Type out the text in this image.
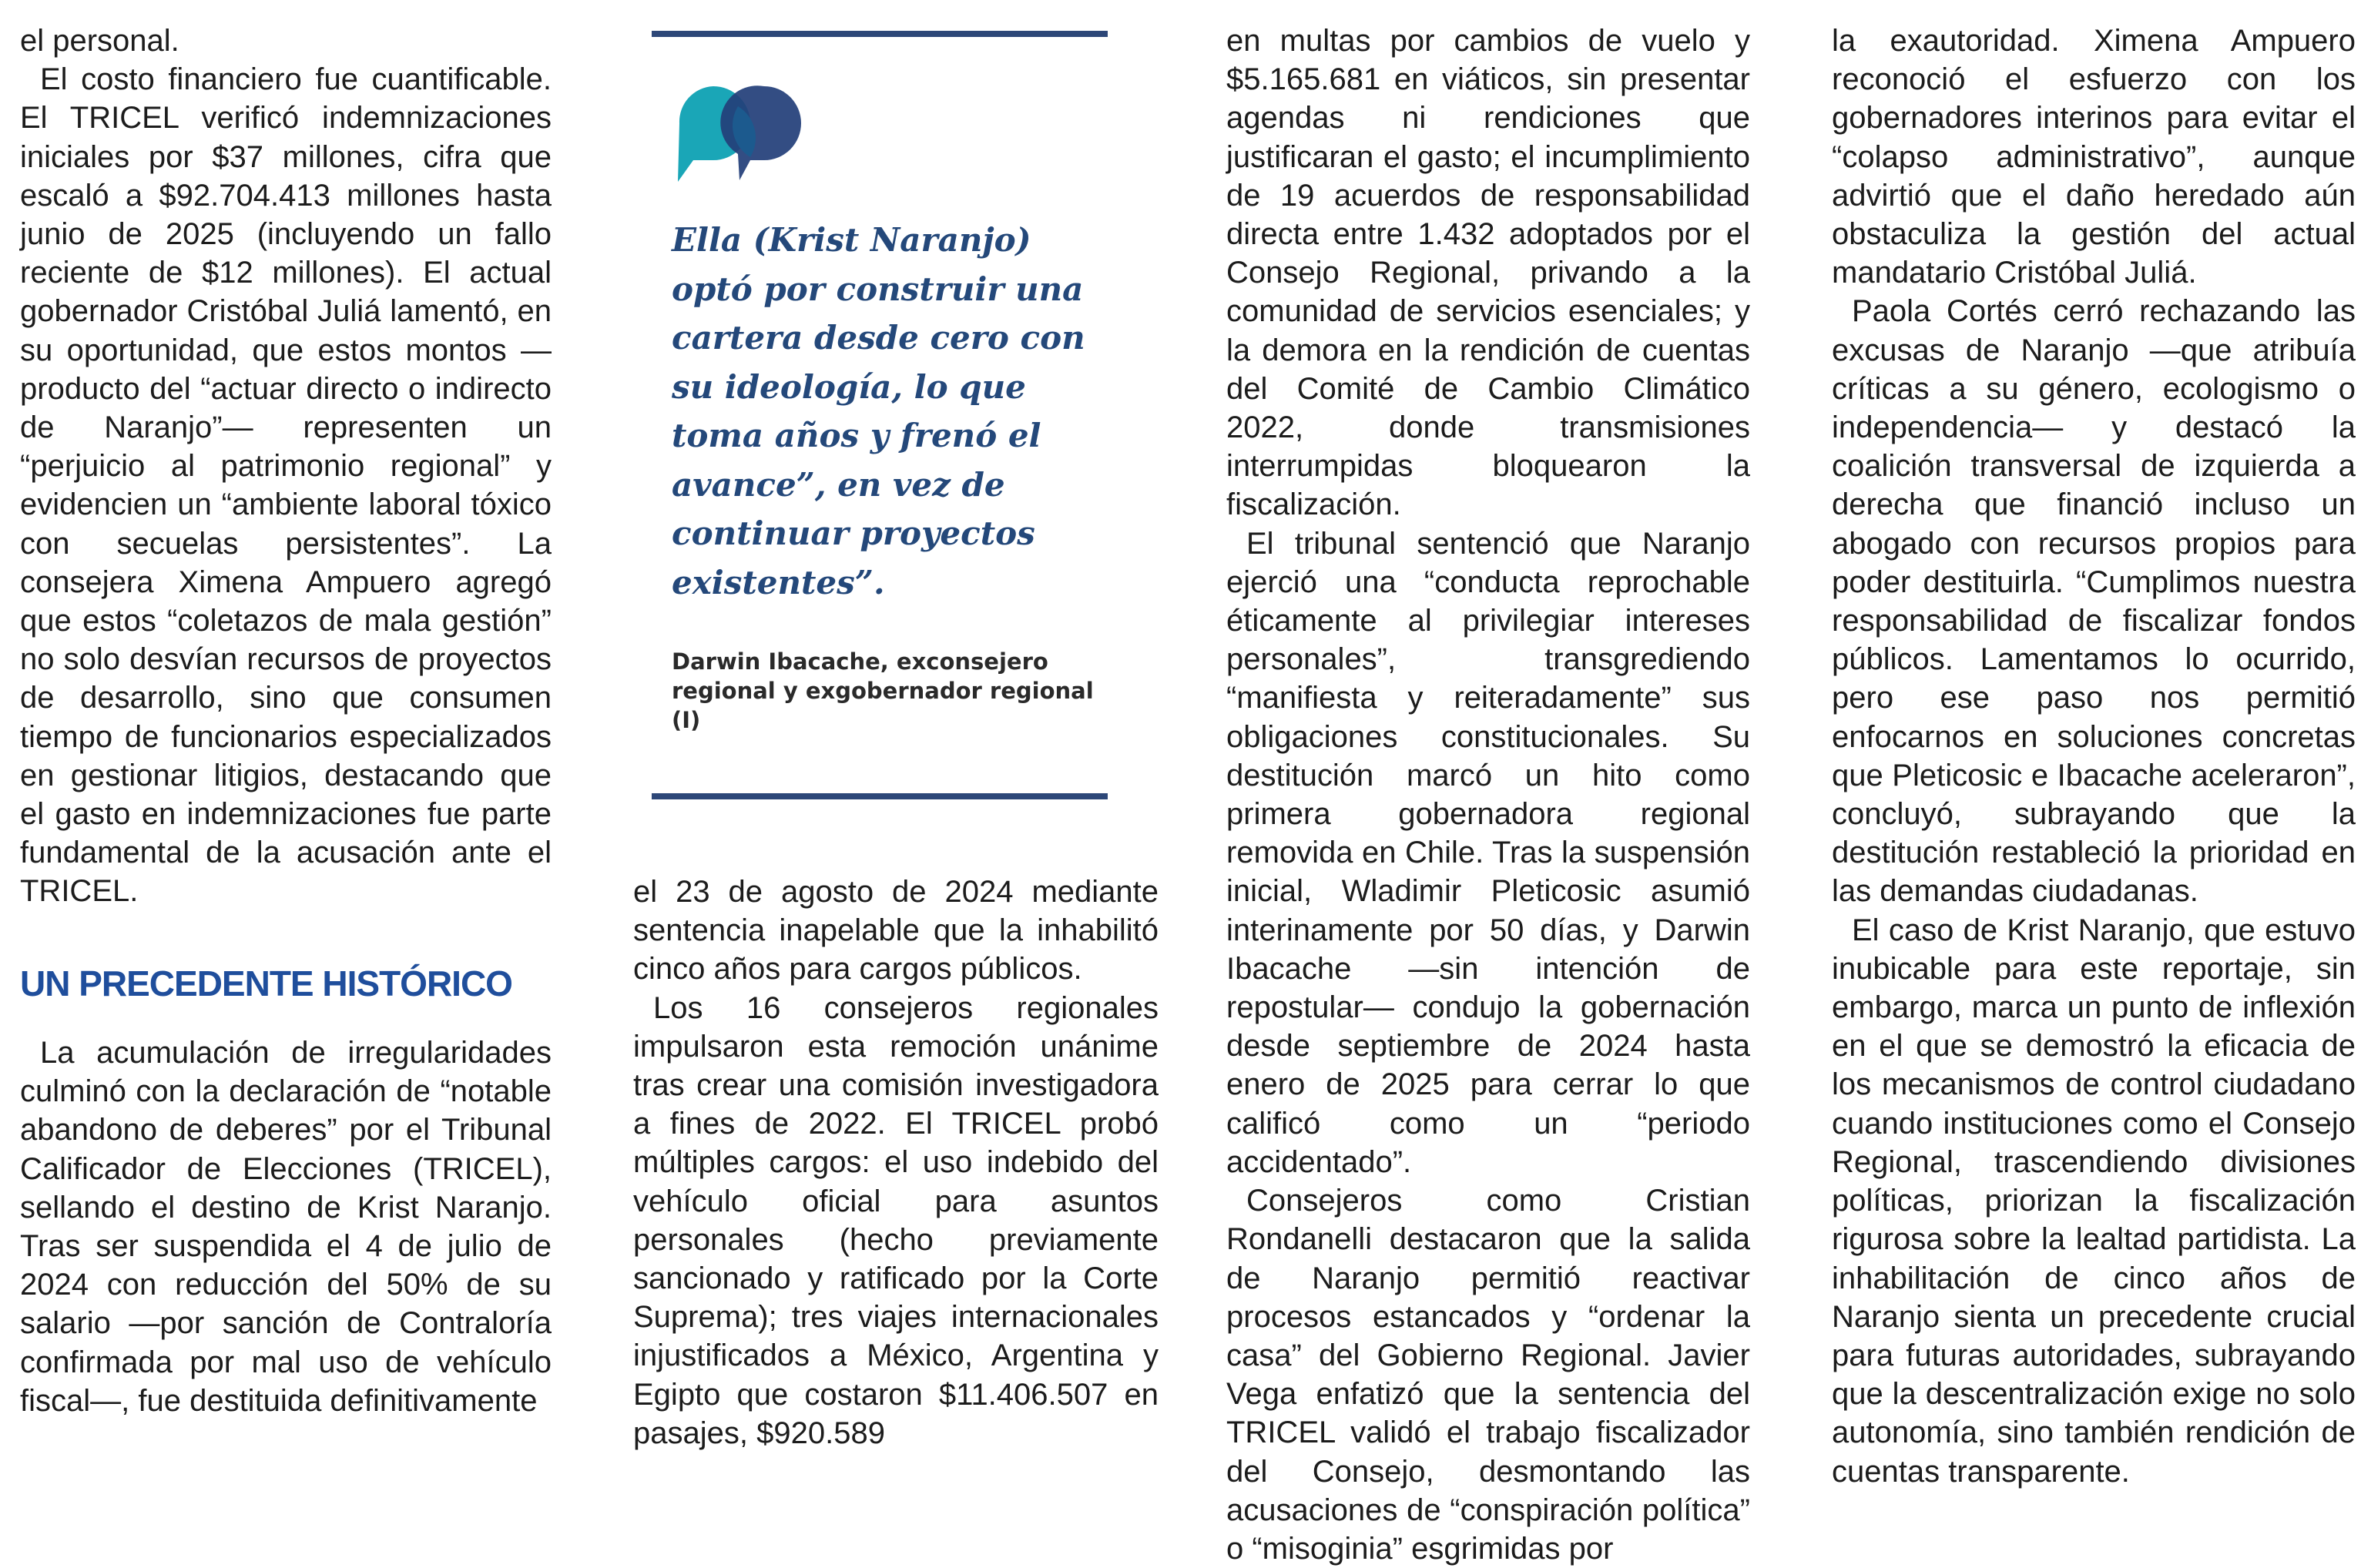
el personal.

El costo financiero fue cuantificable. El TRICEL verificó indemnizaciones iniciales por $37 millones, cifra que escaló a $92.704.413 millones hasta junio de 2025 (incluyendo un fallo reciente de $12 millones). El actual gobernador Cristóbal Juliá lamentó, en su oportunidad, que estos montos —producto del “actuar directo o indirecto de Naranjo”— representen un “perjuicio al patrimonio regional” y evidencien un “ambiente laboral tóxico con secuelas persistentes”. La consejera Ximena Ampuero agregó que estos “coletazos de mala gestión” no solo desvían recursos de proyectos de desarrollo, sino que consumen tiempo de funcionarios especializados en gestionar litigios, destacando que el gasto en indemnizaciones fue parte fundamental de la acusación ante el TRICEL.

UN PRECEDENTE HISTÓRICO

La acumulación de irregularidades culminó con la declaración de “notable abandono de deberes” por el Tribunal Calificador de Elecciones (TRICEL), sellando el destino de Krist Naranjo. Tras ser suspendida el 4 de julio de 2024 con reducción del 50% de su salario —por sanción de Contraloría confirmada por mal uso de vehículo fiscal—, fue destituida definitivamente

Ella (Krist Naranjo) optó por construir una cartera desde cero con su ideología, lo que toma años y frenó el avance”, en vez de continuar proyectos existentes”.

Darwin Ibacache, exconsejero regional y exgobernador regional (I)

el 23 de agosto de 2024 mediante sentencia inapelable que la inhabilitó cinco años para cargos públicos.

Los 16 consejeros regionales impulsaron esta remoción unánime tras crear una comisión investigadora a fines de 2022. El TRICEL probó múltiples cargos: el uso indebido del vehículo oficial para asuntos personales (hecho previamente sancionado y ratificado por la Corte Suprema); tres viajes internacionales injustificados a México, Argentina y Egipto que costaron $11.406.507 en pasajes, $920.589

en multas por cambios de vuelo y $5.165.681 en viáticos, sin presentar agendas ni rendiciones que justificaran el gasto; el incumplimiento de 19 acuerdos de responsabilidad directa entre 1.432 adoptados por el Consejo Regional, privando a la comunidad de servicios esenciales; y la demora en la rendición de cuentas del Comité de Cambio Climático 2022, donde transmisiones interrumpidas bloquearon la fiscalización.

El tribunal sentenció que Naranjo ejerció una “conducta reprochable éticamente al privilegiar intereses personales”, transgrediendo “manifiesta y reiteradamente” sus obligaciones constitucionales. Su destitución marcó un hito como primera gobernadora regional removida en Chile. Tras la suspensión inicial, Wladimir Pleticosic asumió interinamente por 50 días, y Darwin Ibacache —sin intención de repostular— condujo la gobernación desde septiembre de 2024 hasta enero de 2025 para cerrar lo que calificó como un “periodo accidentado”.

Consejeros como Cristian Rondanelli destacaron que la salida de Naranjo permitió reactivar procesos estancados y “ordenar la casa” del Gobierno Regional. Javier Vega enfatizó que la sentencia del TRICEL validó el trabajo fiscalizador del Consejo, desmontando las acusaciones de “conspiración política” o “misoginia” esgrimidas por

la exautoridad. Ximena Ampuero reconoció el esfuerzo con los gobernadores interinos para evitar el “colapso administrativo”, aunque advirtió que el daño heredado aún obstaculiza la gestión del actual mandatario Cristóbal Juliá.

Paola Cortés cerró rechazando las excusas de Naranjo —que atribuía críticas a su género, ecologismo o independencia— y destacó la coalición transversal de izquierda a derecha que financió incluso un abogado con recursos propios para poder destituirla. “Cumplimos nuestra responsabilidad de fiscalizar fondos públicos. Lamentamos lo ocurrido, pero ese paso nos permitió enfocarnos en soluciones concretas que Pleticosic e Ibacache aceleraron”, concluyó, subrayando que la destitución restableció la prioridad en las demandas ciudadanas.

El caso de Krist Naranjo, que estuvo inubicable para este reportaje, sin embargo, marca un punto de inflexión en el que se demostró la eficacia de los mecanismos de control ciudadano cuando instituciones como el Consejo Regional, trascendiendo divisiones políticas, priorizan la fiscalización rigurosa sobre la lealtad partidista. La inhabilitación de cinco años de Naranjo sienta un precedente crucial para futuras autoridades, subrayando que la descentralización exige no solo autonomía, sino también rendición de cuentas transparente.
